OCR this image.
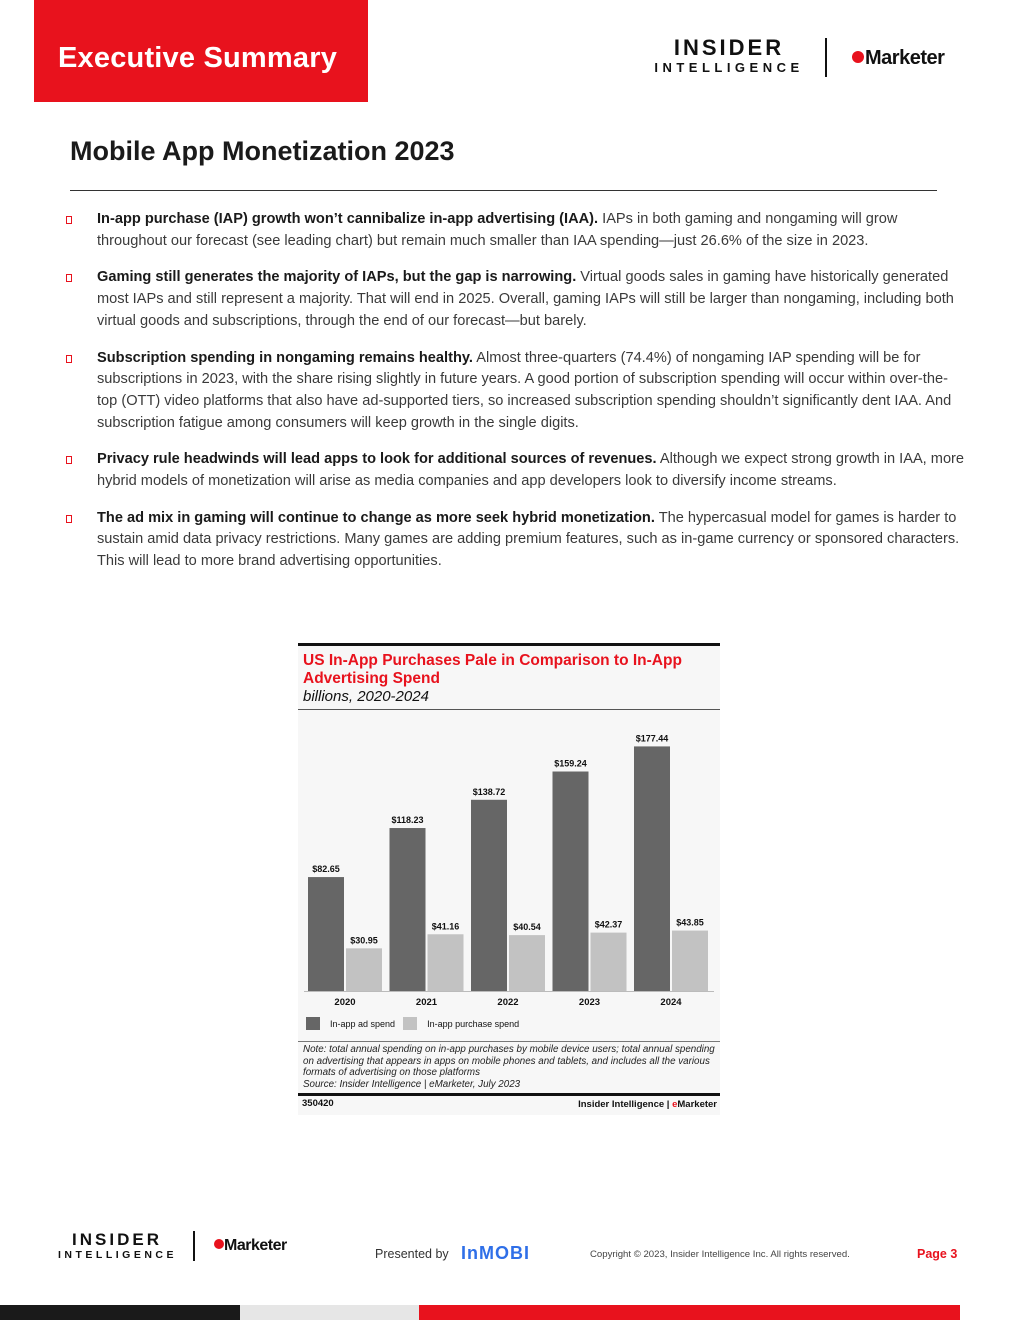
Executive Summary	INSIDER
INTELLIGENCE	Marketer
Mobile App Monetization 2023
In-app purchase (IAP) growth won’t cannibalize in-app advertising (IAA). IAPs in both gaming and nongaming will grow throughout our forecast (see leading chart) but remain much smaller than IAA spending—just 26.6% of the size in 2023.
Gaming still generates the majority of IAPs, but the gap is narrowing. Virtual goods sales in gaming have historically generated most IAPs and still represent a majority. That will end in 2025. Overall, gaming IAPs will still be larger than nongaming, including both virtual goods and subscriptions, through the end of our forecast—but barely.
Subscription spending in nongaming remains healthy. Almost three-quarters (74.4%) of nongaming IAP spending will be for subscriptions in 2023, with the share rising slightly in future years. A good portion of subscription spending will occur within over-the-top (OTT) video platforms that also have ad-supported tiers, so increased subscription spending shouldn’t significantly dent IAA. And subscription fatigue among consumers will keep growth in the single digits.
Privacy rule headwinds will lead apps to look for additional sources of revenues. Although we expect strong growth in IAA, more hybrid models of monetization will arise as media companies and app developers look to diversify income streams.
The ad mix in gaming will continue to change as more seek hybrid monetization. The hypercasual model for games is harder to sustain amid data privacy restrictions. Many games are adding premium features, such as in-game currency or sponsored characters. This will lead to more brand advertising opportunities.
US In-App Purchases Pale in Comparison to In-App Advertising Spend
billions, 2020-2024
$82.65
$30.95
2020
$118.23
$41.16
2021
$138.72
$40.54
2022
$159.24
$42.37
2023
$177.44
$43.85
2024
In-app ad spend	In-app purchase spend
Note: total annual spending on in-app purchases by mobile device users; total annual spending on advertising that appears in apps on mobile phones and tablets, and includes all the various formats of advertising on those platforms
Source: Insider Intelligence | eMarketer, July 2023
350420	Insider Intelligence | eMarketer
INSIDER
INTELLIGENCE
Marketer	Presented by InMOBI	Copyright © 2023, Insider Intelligence Inc. All rights reserved.	Page 3
